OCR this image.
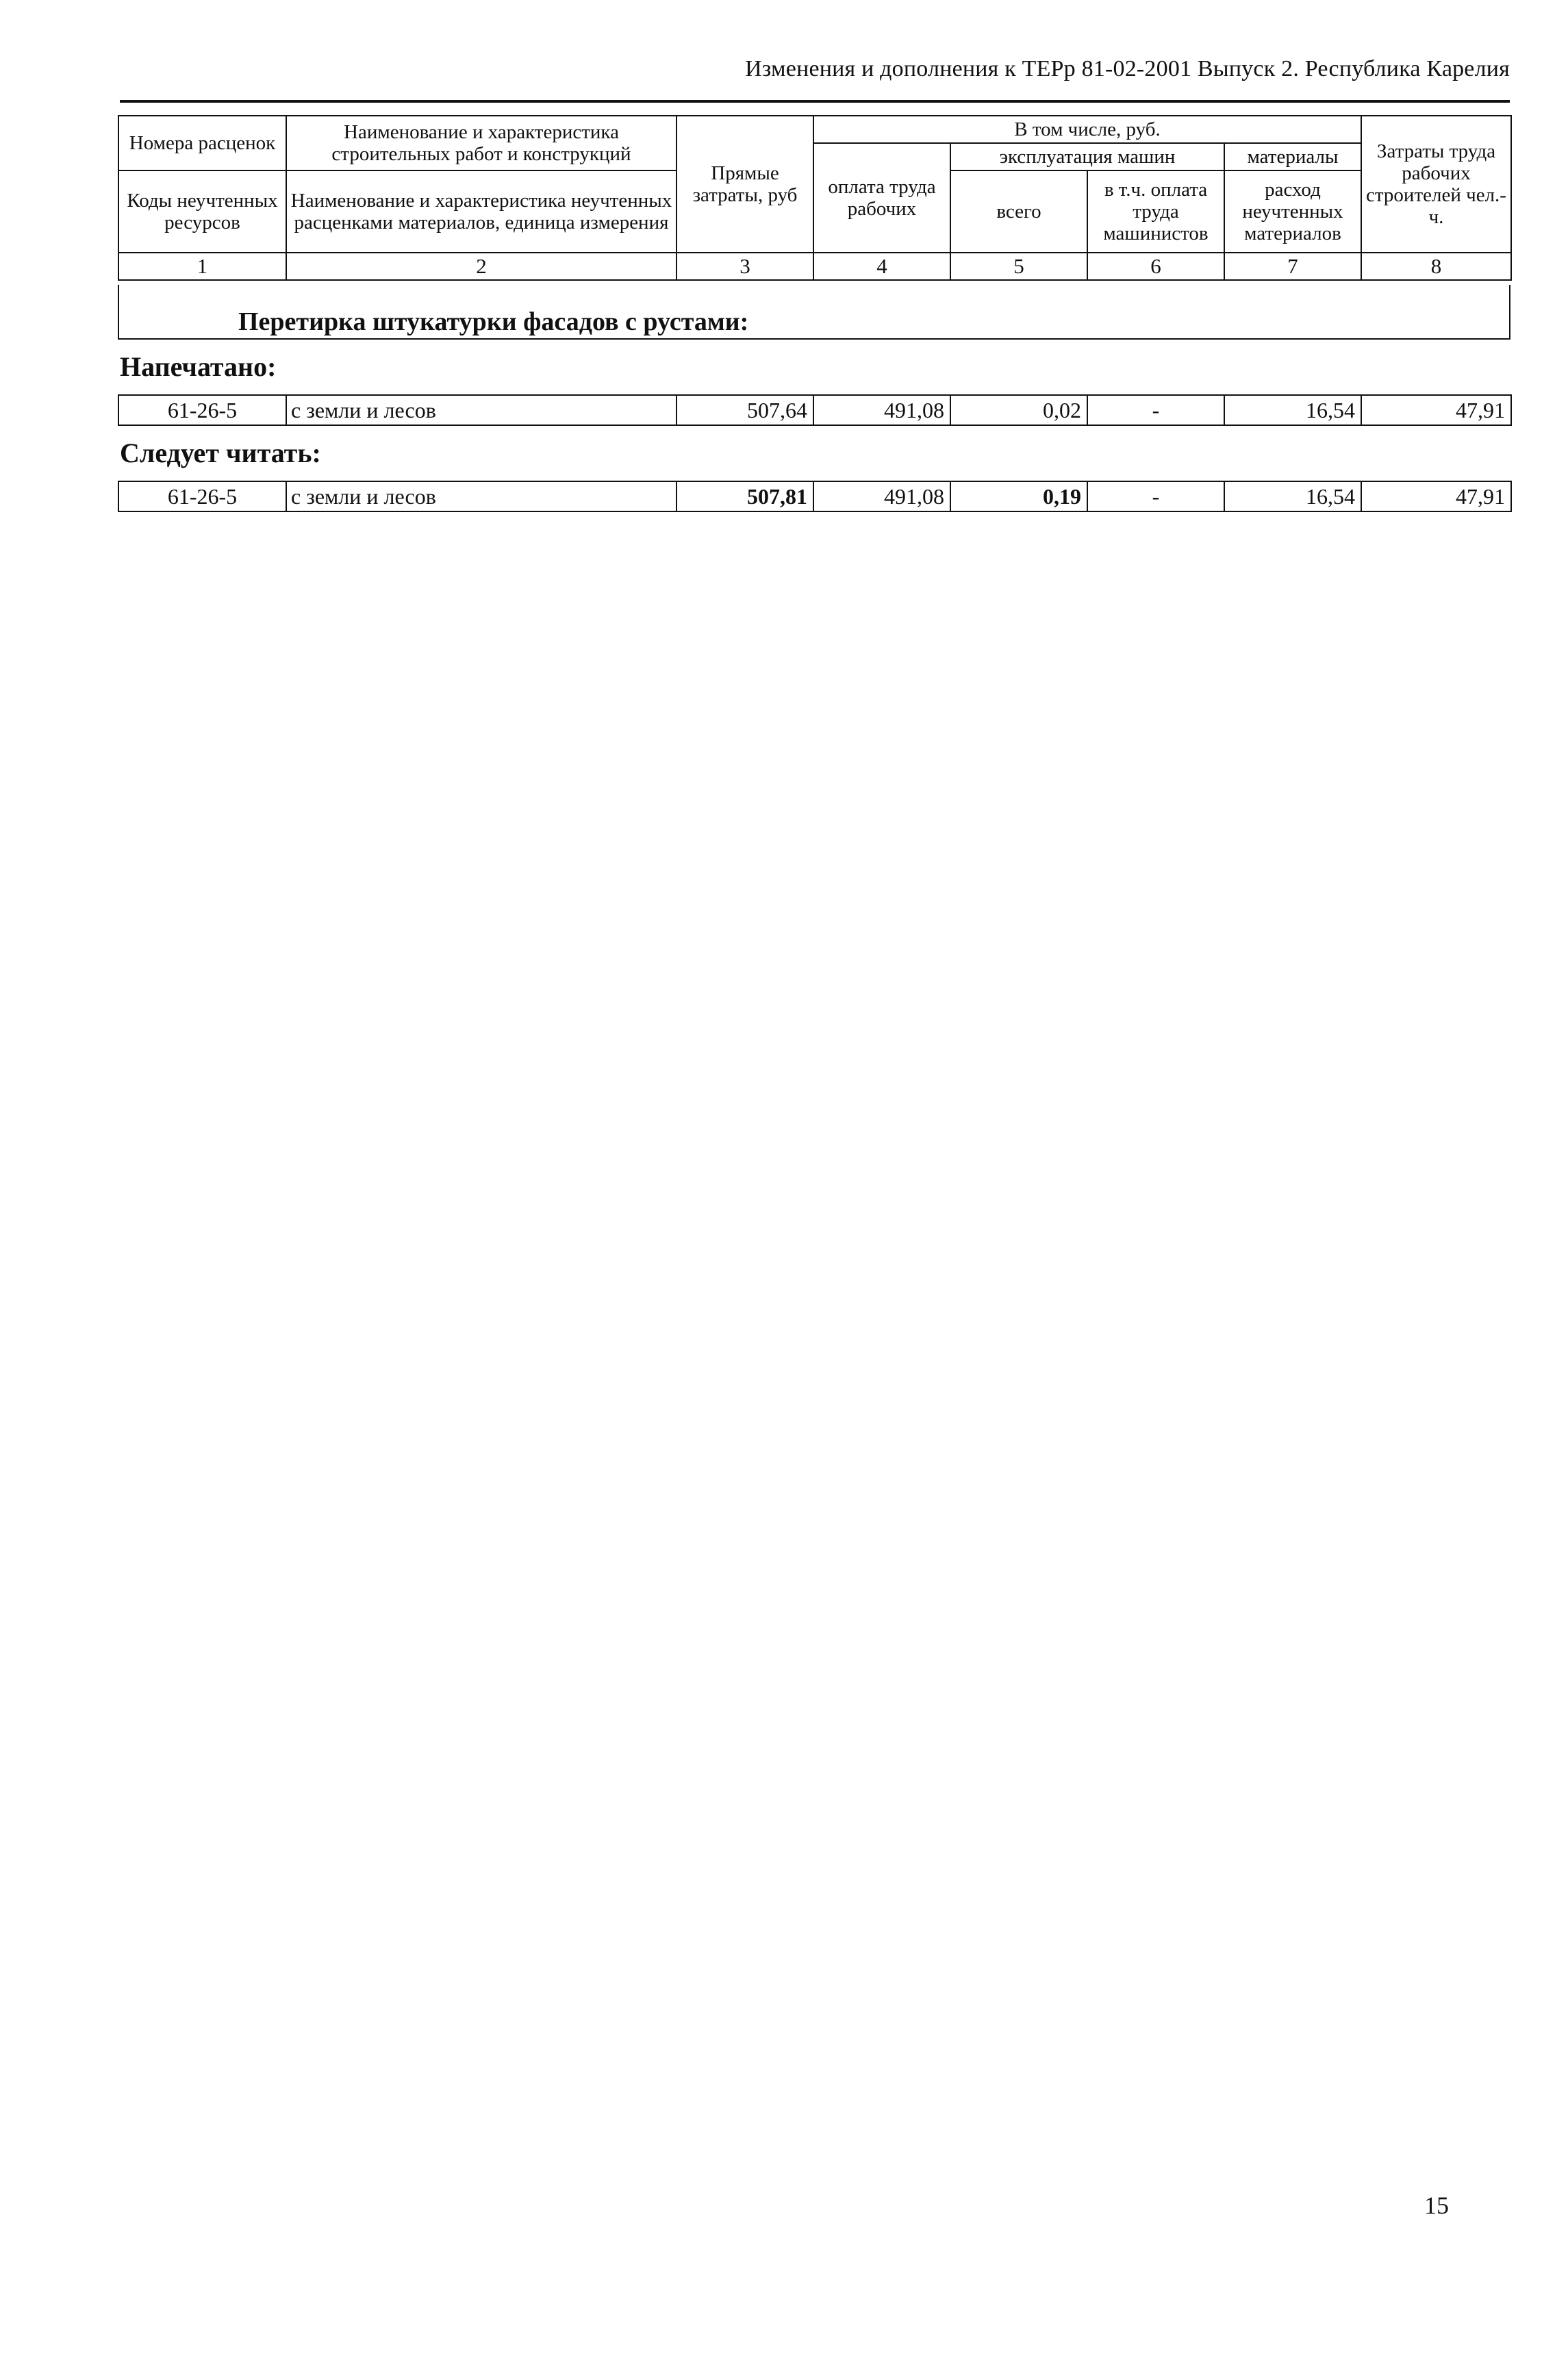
Изменения и дополнения к ТЕРр 81-02-2001 Выпуск 2. Республика Карелия
Номера расценок	Наименование и характеристика строительных работ и конструкций	Прямые затраты, руб	В том числе, руб.				Затраты труда рабочих строителей чел.-ч.
			оплата труда рабочих	эксплуатация машин		материалы	
Коды неучтенных ресурсов	Наименование и характеристика неучтенных расценками материалов, единица измерения			всего	в т.ч. оплата труда машинистов	расход неучтенных материалов	

1	2	3	4	5	6	7	8
Перетирка штукатурки фасадов с рустами:
Напечатано:
61-26-5	с земли и лесов	507,64	491,08	0,02	-	16,54	47,91
Следует читать:
61-26-5	с земли и лесов	507,81	491,08	0,19	-	16,54	47,91
15
